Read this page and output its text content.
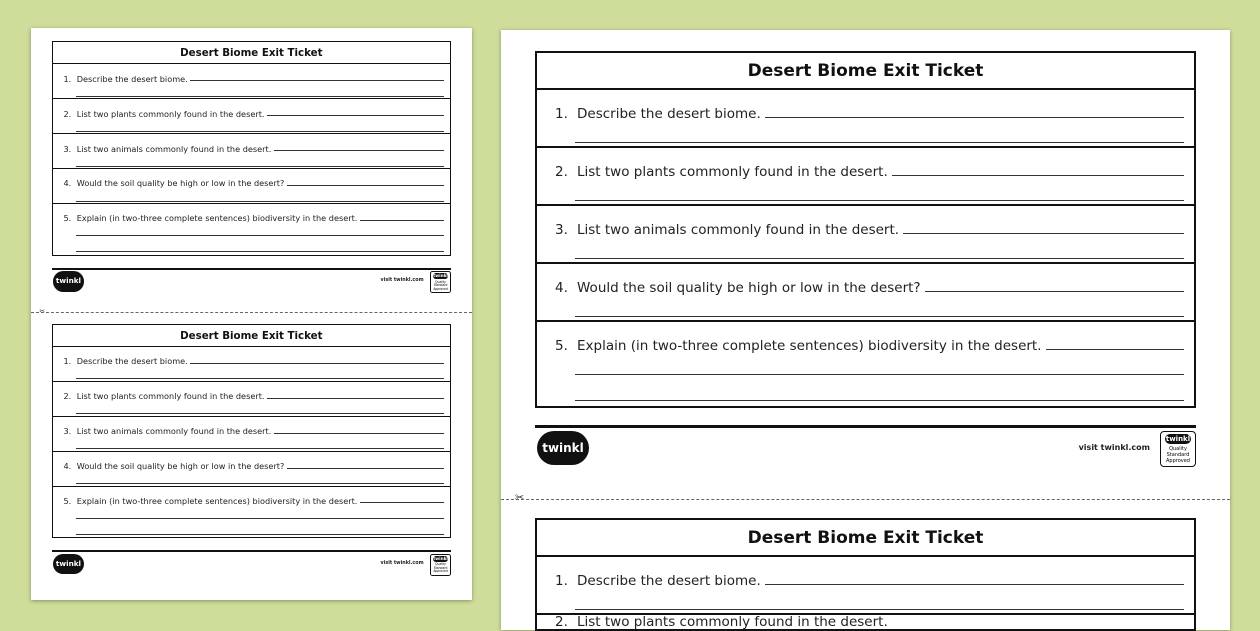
Desert Biome Exit Ticket
1. Describe the desert biome.
2. List two plants commonly found in the desert.
3. List two animals commonly found in the desert.
4. Would the soil quality be high or low in the desert?
5. Explain (in two-three complete sentences) biodiversity in the desert.
twinkl	visit twinkl.com
twinkl
Quality Standard Approved
✂
Desert Biome Exit Ticket
1. Describe the desert biome.
2. List two plants commonly found in the desert.
3. List two animals commonly found in the desert.
4. Would the soil quality be high or low in the desert?
5. Explain (in two-three complete sentences) biodiversity in the desert.
twinkl	visit twinkl.com
twinkl
Quality Standard Approved
Desert Biome Exit Ticket
1. Describe the desert biome.
2. List two plants commonly found in the desert.
3. List two animals commonly found in the desert.
4. Would the soil quality be high or low in the desert?
5. Explain (in two-three complete sentences) biodiversity in the desert.
twinkl	visit twinkl.com
twinkl
Quality Standard Approved
✂
Desert Biome Exit Ticket
1. Describe the desert biome.
2. List two plants commonly found in the desert.
